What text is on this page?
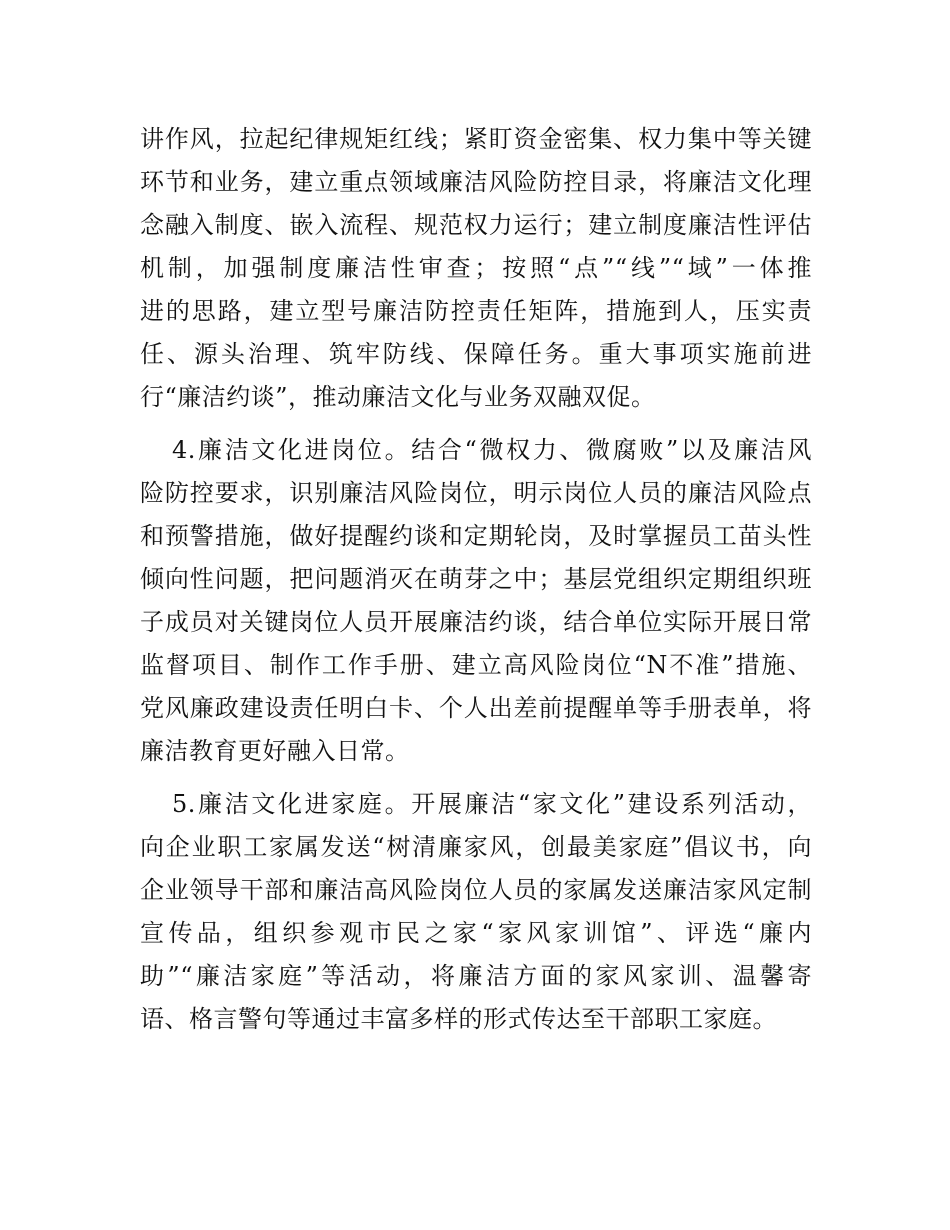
讲作风，拉起纪律规矩红线；紧盯资金密集、权力集中等关键
环节和业务，建立重点领域廉洁风险防控目录，将廉洁文化理
念融入制度、嵌入流程、规范权力运行；建立制度廉洁性评估
机制，加强制度廉洁性审查；按照“点”“线”“域”一体推
进的思路，建立型号廉洁防控责任矩阵，措施到人，压实责
任、源头治理、筑牢防线、保障任务。重大事项实施前进
行“廉洁约谈”，推动廉洁文化与业务双融双促。

4.廉洁文化进岗位。结合“微权力、微腐败”以及廉洁风
险防控要求，识别廉洁风险岗位，明示岗位人员的廉洁风险点
和预警措施，做好提醒约谈和定期轮岗，及时掌握员工苗头性
倾向性问题，把问题消灭在萌芽之中；基层党组织定期组织班
子成员对关键岗位人员开展廉洁约谈，结合单位实际开展日常
监督项目、制作工作手册、建立高风险岗位“N不准”措施、
党风廉政建设责任明白卡、个人出差前提醒单等手册表单，将
廉洁教育更好融入日常。

5.廉洁文化进家庭。开展廉洁“家文化”建设系列活动，
向企业职工家属发送“树清廉家风，创最美家庭”倡议书，向
企业领导干部和廉洁高风险岗位人员的家属发送廉洁家风定制
宣传品，组织参观市民之家“家风家训馆”、评选“廉内
助”“廉洁家庭”等活动，将廉洁方面的家风家训、温馨寄
语、格言警句等通过丰富多样的形式传达至干部职工家庭。
